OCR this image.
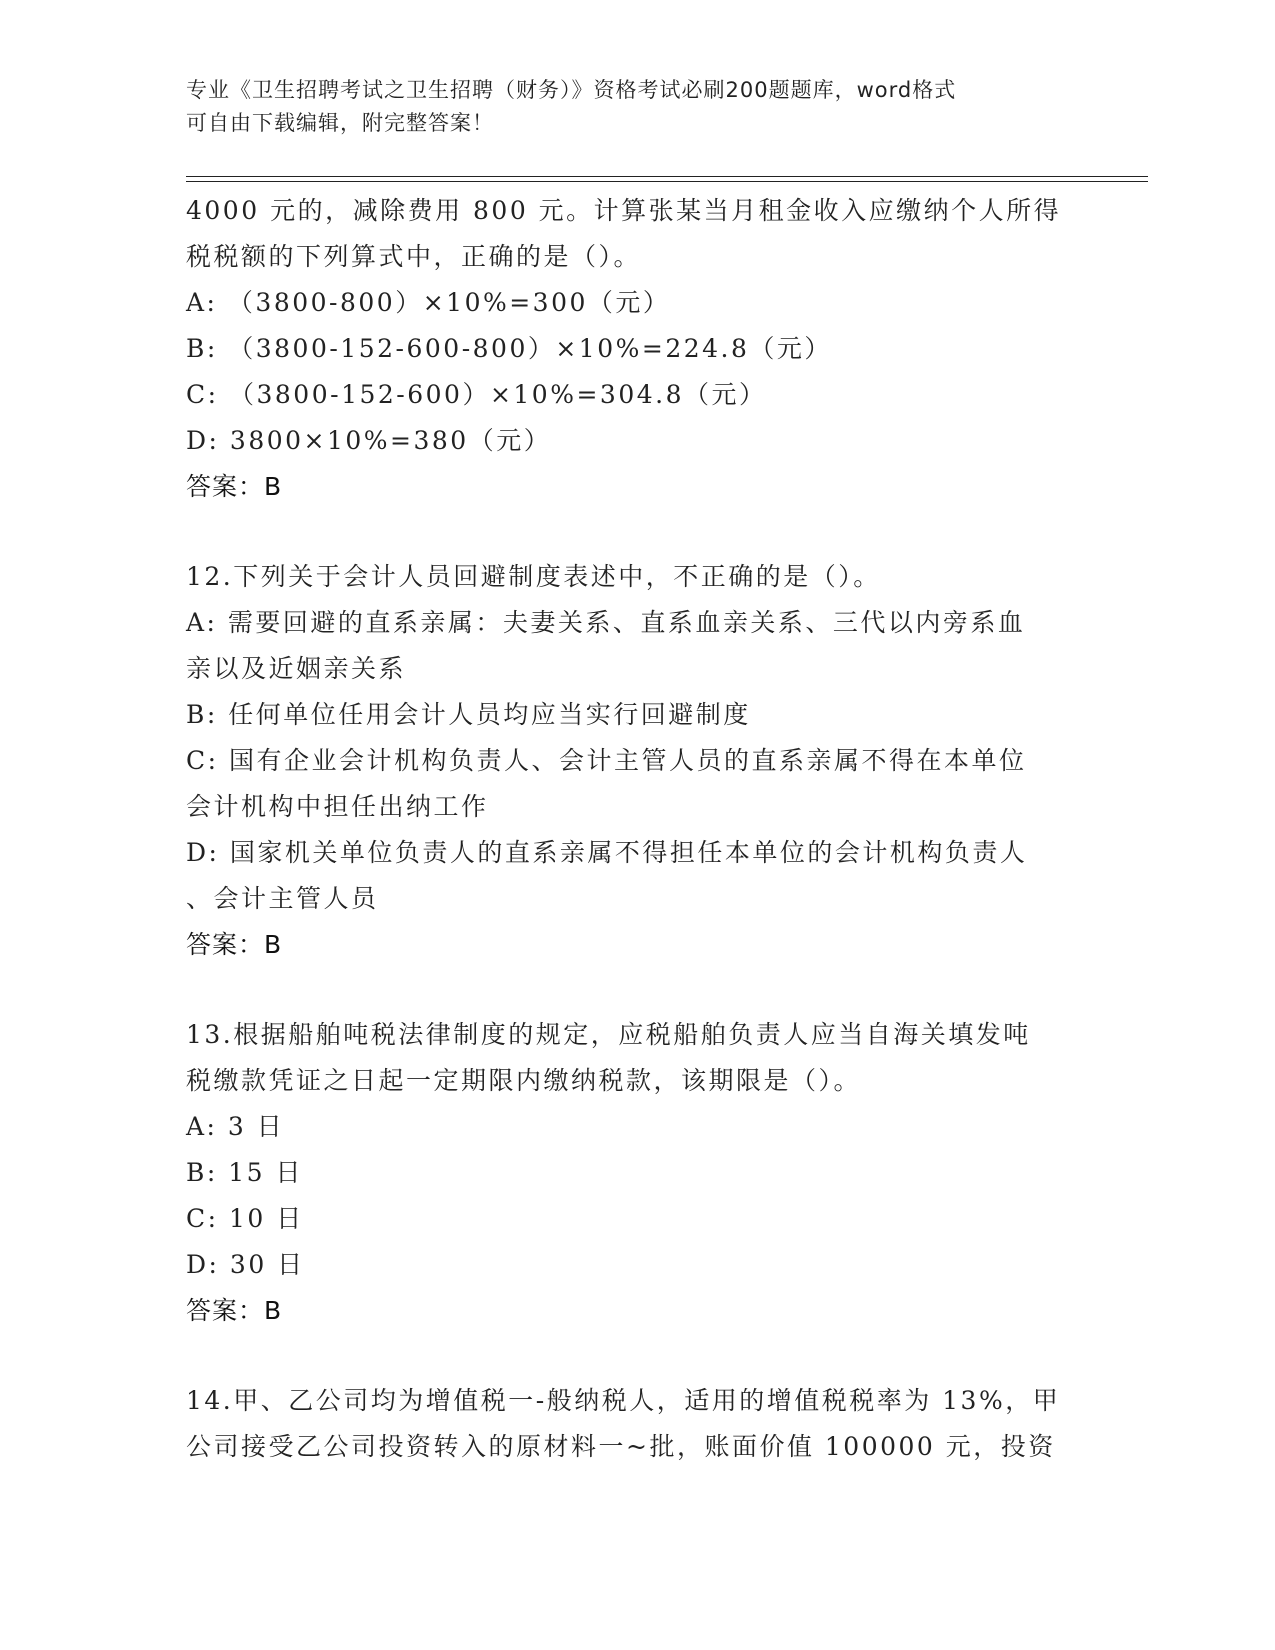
专业《卫生招聘考试之卫生招聘（财务）》资格考试必刷200题题库，word格式
可自由下载编辑，附完整答案！
4000 元的，减除费用 800 元。计算张某当月租金收入应缴纳个人所得
税税额的下列算式中，正确的是（）。
A: （3800-800）×10%=300（元）
B: （3800-152-600-800）×10%=224.8（元）
C: （3800-152-600）×10%=304.8（元）
D: 3800×10%=380（元）
答案：B
12.下列关于会计人员回避制度表述中，不正确的是（）。
A: 需要回避的直系亲属：夫妻关系、直系血亲关系、三代以内旁系血
亲以及近姻亲关系
B: 任何单位任用会计人员均应当实行回避制度
C: 国有企业会计机构负责人、会计主管人员的直系亲属不得在本单位
会计机构中担任出纳工作
D: 国家机关单位负责人的直系亲属不得担任本单位的会计机构负责人
、会计主管人员
答案：B
13.根据船舶吨税法律制度的规定，应税船舶负责人应当自海关填发吨
税缴款凭证之日起一定期限内缴纳税款，该期限是（）。
A: 3 日
B: 15 日
C: 10 日
D: 30 日
答案：B
14.甲、乙公司均为增值税一-般纳税人，适用的增值税税率为 13%，甲
公司接受乙公司投资转入的原材料一~批，账面价值 100000 元，投资
